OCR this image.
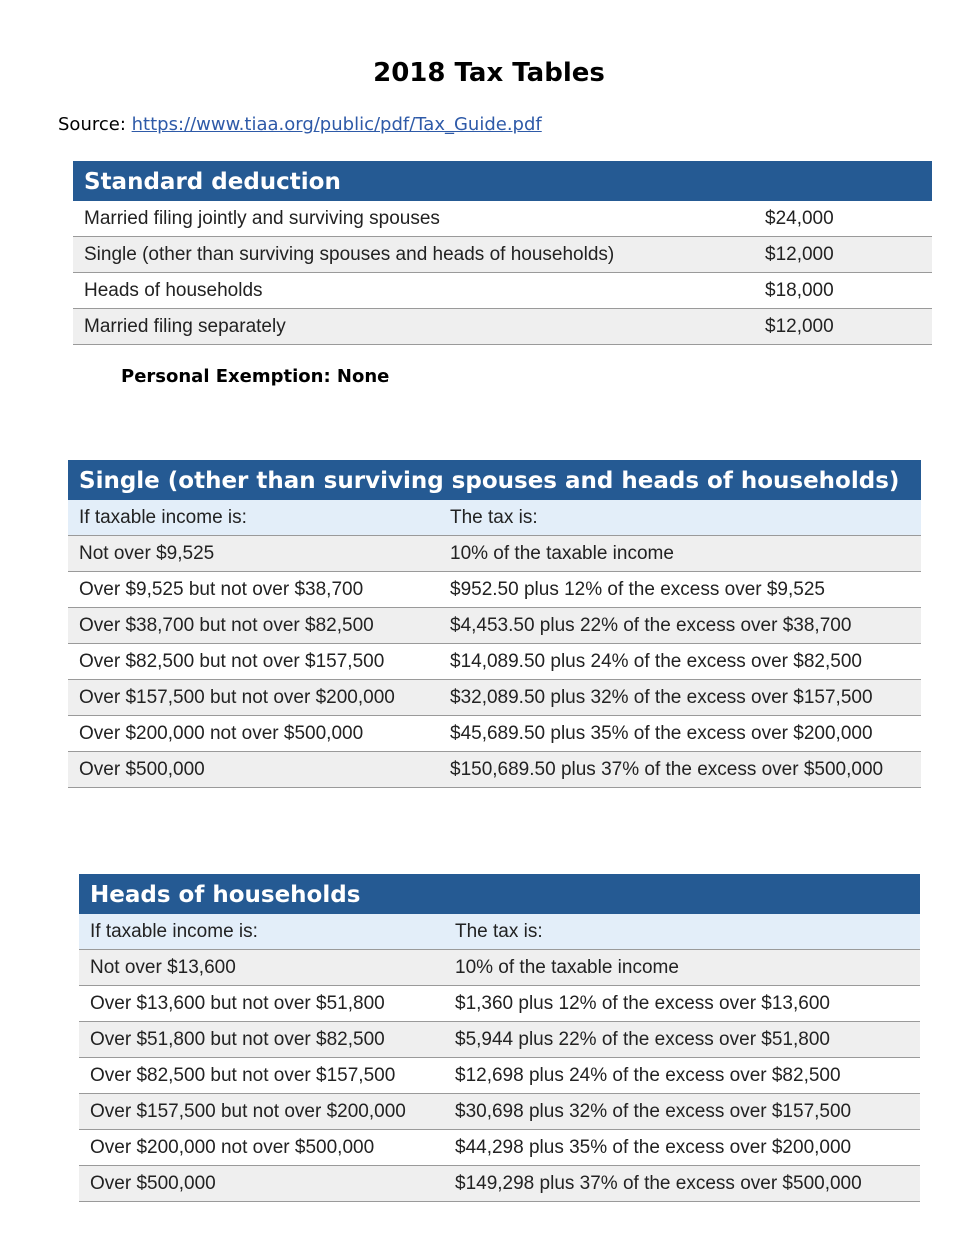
2018 Tax Tables
Source: https://www.tiaa.org/public/pdf/Tax_Guide.pdf
Standard deduction
Married filing jointly and surviving spouses	$24,000
Single (other than surviving spouses and heads of households)	$12,000
Heads of households	$18,000
Married filing separately	$12,000
Personal Exemption: None
Single (other than surviving spouses and heads of households)
If taxable income is:	The tax is:
Not over $9,525	10% of the taxable income
Over $9,525 but not over $38,700	$952.50 plus 12% of the excess over $9,525
Over $38,700 but not over $82,500	$4,453.50 plus 22% of the excess over $38,700
Over $82,500 but not over $157,500	$14,089.50 plus 24% of the excess over $82,500
Over $157,500 but not over $200,000	$32,089.50 plus 32% of the excess over $157,500
Over $200,000 not over $500,000	$45,689.50 plus 35% of the excess over $200,000
Over $500,000	$150,689.50 plus 37% of the excess over $500,000
Heads of households
If taxable income is:	The tax is:
Not over $13,600	10% of the taxable income
Over $13,600 but not over $51,800	$1,360 plus 12% of the excess over $13,600
Over $51,800 but not over $82,500	$5,944 plus 22% of the excess over $51,800
Over $82,500 but not over $157,500	$12,698 plus 24% of the excess over $82,500
Over $157,500 but not over $200,000	$30,698 plus 32% of the excess over $157,500
Over $200,000 not over $500,000	$44,298 plus 35% of the excess over $200,000
Over $500,000	$149,298 plus 37% of the excess over $500,000
